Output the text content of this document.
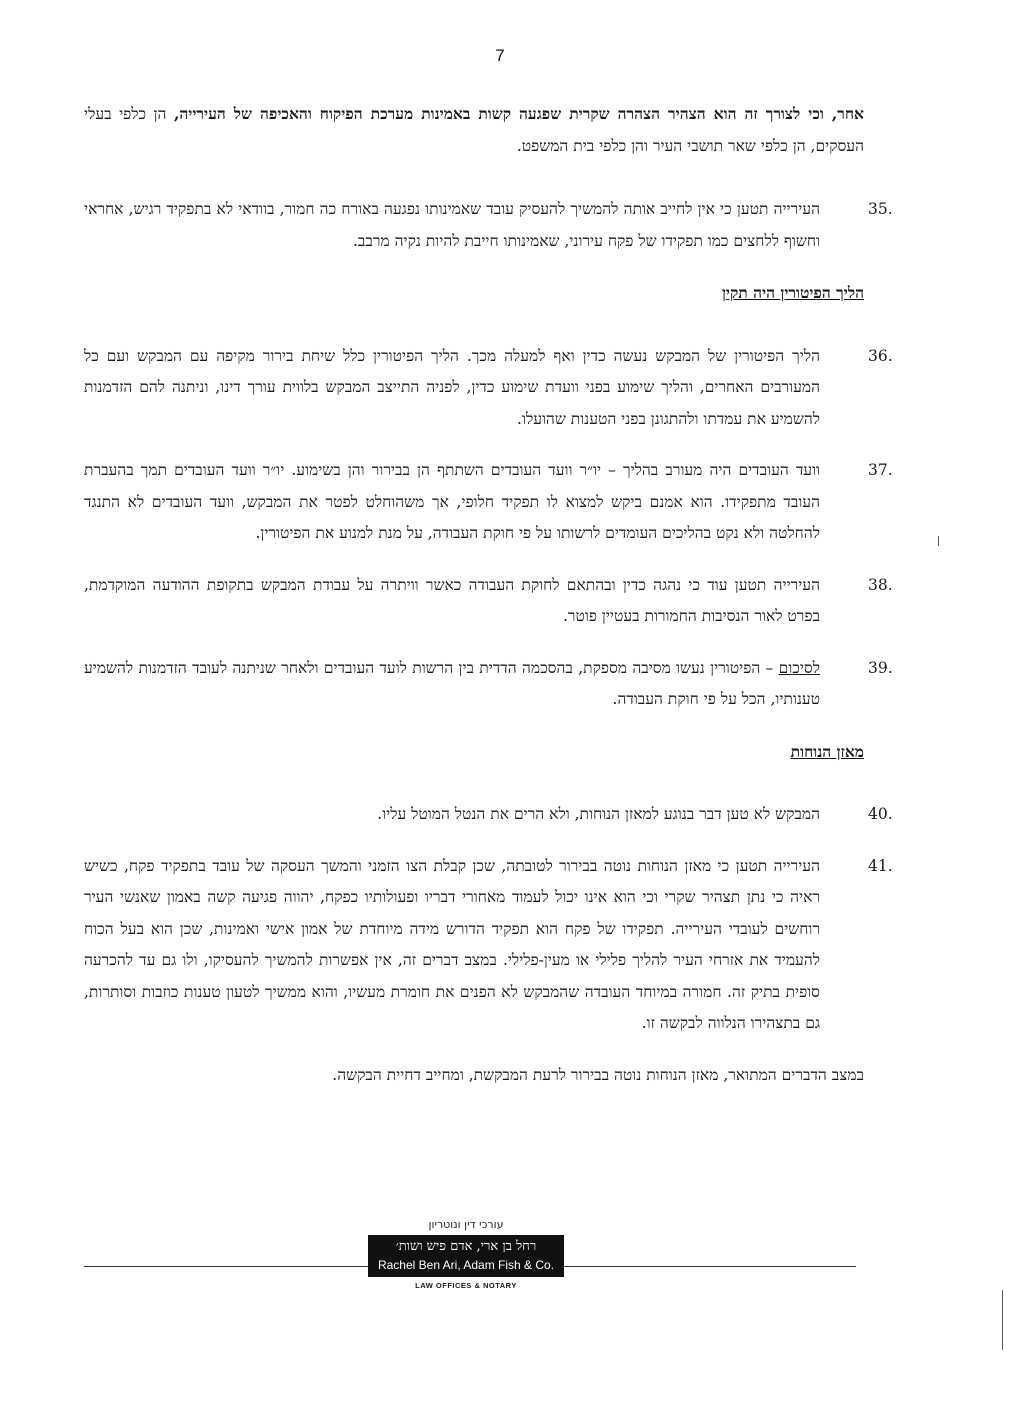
7

אחר, וכי לצורך זה הוא הצהיר הצהרה שקרית שפגעה קשות באמינות מערכת הפיקוח והאכיפה של העירייה, הן כלפי בעלי העסקים, הן כלפי שאר תושבי העיר והן כלפי בית המשפט.

35.
העירייה תטען כי אין לחייב אותה להמשיך להעסיק עובד שאמינותו נפגעה באורח כה חמור, בוודאי לא בתפקיד רגיש, אחראי וחשוף ללחצים כמו תפקידו של פקח עירוני, שאמינותו חייבת להיות נקיה מרבב.

הליך הפיטורין היה תקין

36.
הליך הפיטורין של המבקש נעשה כדין ואף למעלה מכך. הליך הפיטורין כלל שיחת בירור מקיפה עם המבקש ועם כל המעורבים האחרים, והליך שימוע בפני וועדת שימוע כדין, לפניה התייצב המבקש בלווית עורך דינו, וניתנה להם הזדמנות להשמיע את עמדתו ולהתגונן בפני הטענות שהועלו.

37.
וועד העובדים היה מעורב בהליך – יו״ר וועד העובדים השתתף הן בבירור והן בשימוע. יו״ר וועד העובדים תמך בהעברת העובד מתפקידו. הוא אמנם ביקש למצוא לו תפקיד חלופי, אך משהוחלט לפטר את המבקש, וועד העובדים לא התנגד להחלטה ולא נקט בהליכים העומדים לרשותו על פי חוקת העבודה, על מנת למנוע את הפיטורין.

38.
העירייה תטען עוד כי נהגה כדין ובהתאם לחוקת העבודה כאשר וויתרה על עבודת המבקש בתקופת ההודעה המוקדמת, בפרט לאור הנסיבות החמורות בעטיין פוטר.

39.
לסיכום – הפיטורין נעשו מסיבה מספקת, בהסכמה הדדית בין הרשות לועד העובדים ולאחר שניתנה לעובד הזדמנות להשמיע טענותיו, הכל על פי חוקת העבודה.

מאזן הנוחות

40.
המבקש לא טען דבר בנוגע למאזן הנוחות, ולא הרים את הנטל המוטל עליו.

41.
העירייה תטען כי מאזן הנוחות נוטה בבירור לטובתה, שכן קבלת הצו הזמני והמשך העסקה של עובד בתפקיד פקח, כשיש ראיה כי נתן תצהיר שקרי וכי הוא אינו יכול לעמוד מאחורי דבריו ופעולותיו כפקח, יהווה פגיעה קשה באמון שאנשי העיר רוחשים לעובדי העירייה. תפקידו של פקח הוא תפקיד הדורש מידה מיוחדת של אמון אישי ואמינות, שכן הוא בעל הכוח להעמיד את אזרחי העיר להליך פלילי או מעין-פלילי. במצב דברים זה, אין אפשרות להמשיך להעסיקו, ולו גם עד להכרעה סופית בתיק זה. חמורה במיוחד העובדה שהמבקש לא הפנים את חומרת מעשיו, והוא ממשיך לטעון טענות כוזבות וסותרות, גם בתצהירו הנלווה לבקשה זו.

במצב הדברים המתואר, מאזן הנוחות נוטה בבירור לרעת המבקשת, ומחייב דחיית הבקשה.

עורכי דין ונוטריון
רחל בן ארי, אדם פיש ושות׳
Rachel Ben Ari, Adam Fish & Co.
LAW OFFICES & NOTARY
